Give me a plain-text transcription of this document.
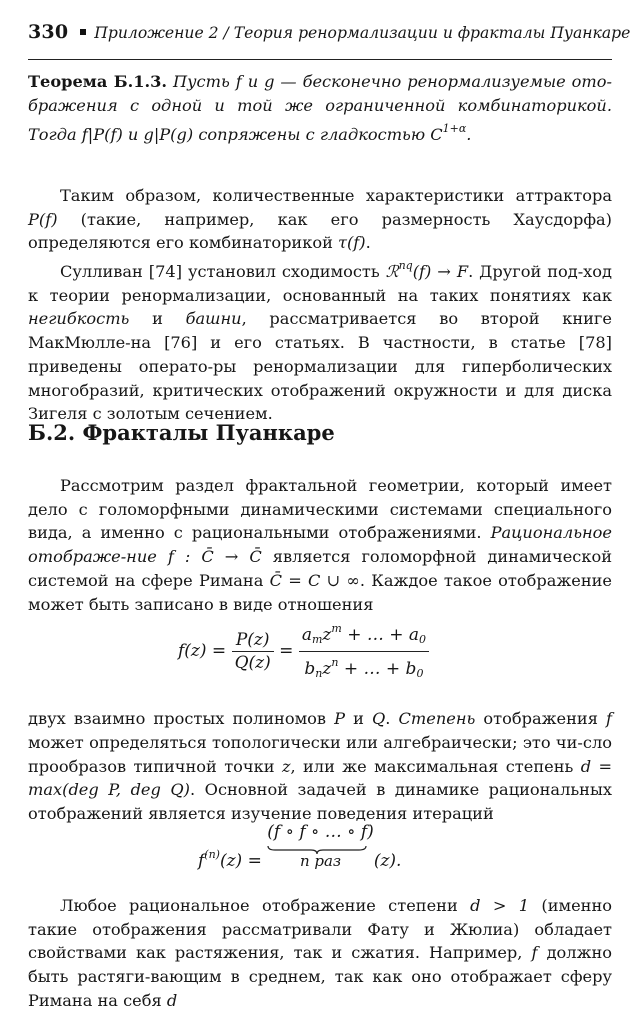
330 Приложение 2 / Теория ренормализации и фракталы Пуанкаре
Теорема Б.1.3. Пусть f и g — бесконечно ренормализуемые ото- бражения с одной и той же ограниченной комбинаторикой. Тогда f|P(f) и g|P(g) сопряжены с гладкостью $C^{1+\alpha}$.

Таким образом, количественные характеристики аттрактора P(f) (такие, например, как его размерность Хаусдорфа) определяются его комбинаторикой τ(f).

Сулливан [74] установил сходимость ℛ$^{nq}$(f) → F. Другой под-ход к теории ренормализации, основанный на таких понятиях как негибкость и башни, рассматривается во второй книге МакМюлле-на [76] и его статьях. В частности, в статье [78] приведены операто-ры ренормализации для гиперболических многобразий, критических отображений окружности и для диска Зигеля с золотым сечением.

Б.2. Фракталы Пуанкаре

Рассмотрим раздел фрактальной геометрии, который имеет дело с голоморфными динамическими системами специального вида, а именно с рациональными отображениями. Рациональное отображе-ние f : C̄ → C̄ является голоморфной динамической системой на сфере Римана C̄ = C ∪ ∞. Каждое такое отображение может быть записано в виде отношения

$f(z) = \frac{P(z)}{Q(z)} = \frac{a_mz^m + \dots + a_0}{b_nz^n + \dots + b_0}$

двух взаимно простых полиномов P и Q. Степень отображения f может определяться топологически или алгебраически; это чи-сло прообразов типичной точки z, или же максимальная степень d = max(deg P, deg Q). Основной задачей в динамике рациональных отображений является изучение поведения итераций

$f^{(n)}(z) = (f$ ∘ f ∘ … ∘ f)
n раз	(z).

Любое рациональное отображение степени d > 1 (именно такие отображения рассматривали Фату и Жюлиа) обладает свойствами как растяжения, так и сжатия. Например, f должно быть растяги-вающим в среднем, так как оно отображает сферу Римана на себя d
